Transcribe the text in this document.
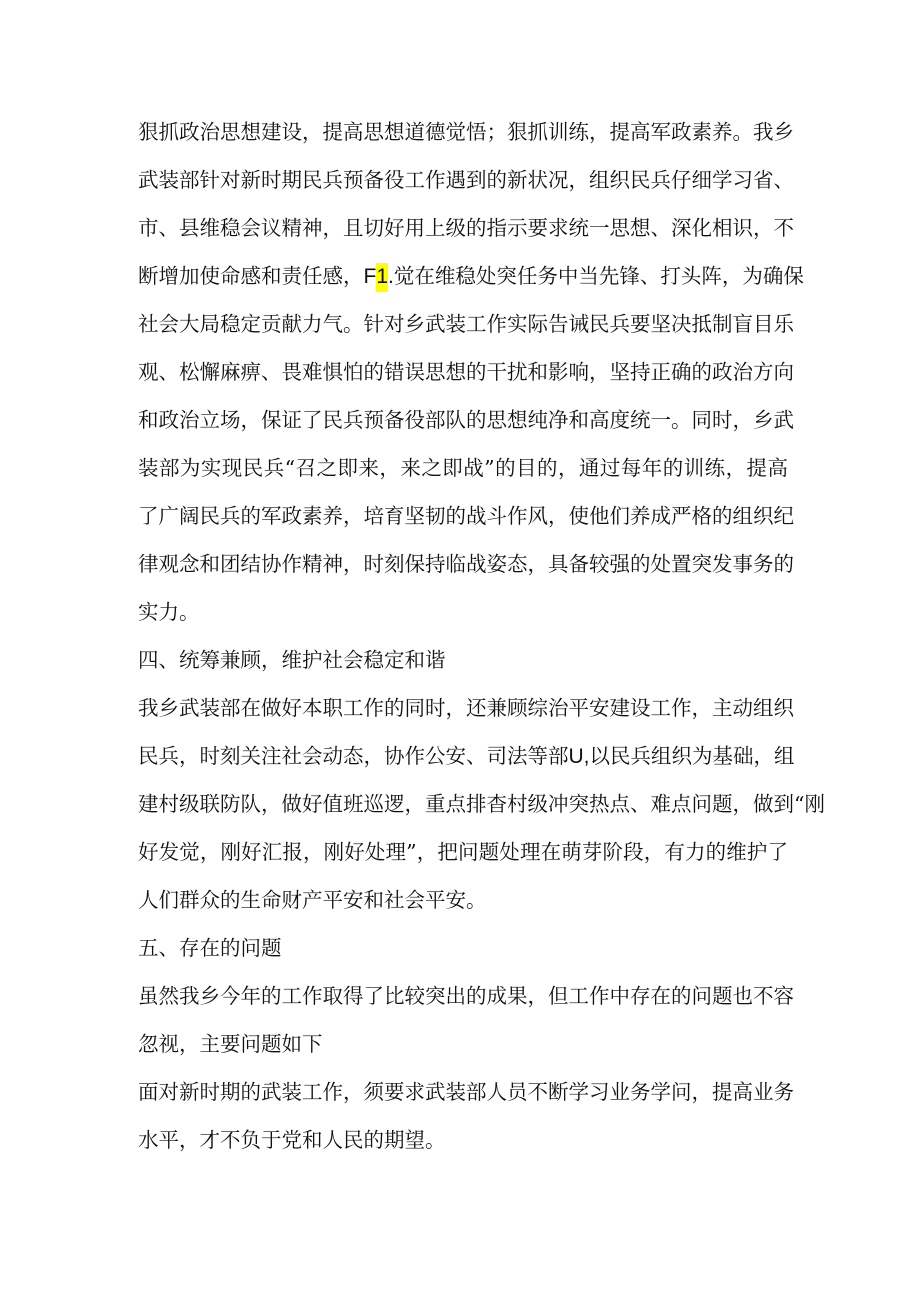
狠抓政治思想建设，提高思想道德觉悟；狠抓训练，提高军政素养。我乡
武装部针对新时期民兵预备役工作遇到的新状况，组织民兵仔细学习省、
市、县维稳会议精神，且切好用上级的指示要求统一思想、深化相识，不
断增加使命感和责任感，F1.觉在维稳处突任务中当先锋、打头阵，为确保
社会大局稳定贡献力气。针对乡武装工作实际告诫民兵要坚决抵制盲目乐
观、松懈麻痹、畏难惧怕的错误思想的干扰和影响，坚持正确的政治方向
和政治立场，保证了民兵预备役部队的思想纯净和高度统一。同时，乡武
装部为实现民兵“召之即来，来之即战”的目的，通过每年的训练，提高
了广阔民兵的军政素养，培育坚韧的战斗作风，使他们养成严格的组织纪
律观念和团结协作精神，时刻保持临战姿态，具备较强的处置突发事务的
实力。
四、统筹兼顾，维护社会稳定和谐
我乡武装部在做好本职工作的同时，还兼顾综治平安建设工作，主动组织
民兵，时刻关注社会动态，协作公安、司法等部U,以民兵组织为基础，组
建村级联防队，做好值班巡逻，重点排杳村级冲突热点、难点问题，做到“刚
好发觉，刚好汇报，刚好处理”，把问题处理在萌芽阶段，有力的维护了
人们群众的生命财产平安和社会平安。
五、存在的问题
虽然我乡今年的工作取得了比较突出的成果，但工作中存在的问题也不容
忽视，主要问题如下
面对新时期的武装工作，须要求武装部人员不断学习业务学问，提高业务
水平，才不负于党和人民的期望。
